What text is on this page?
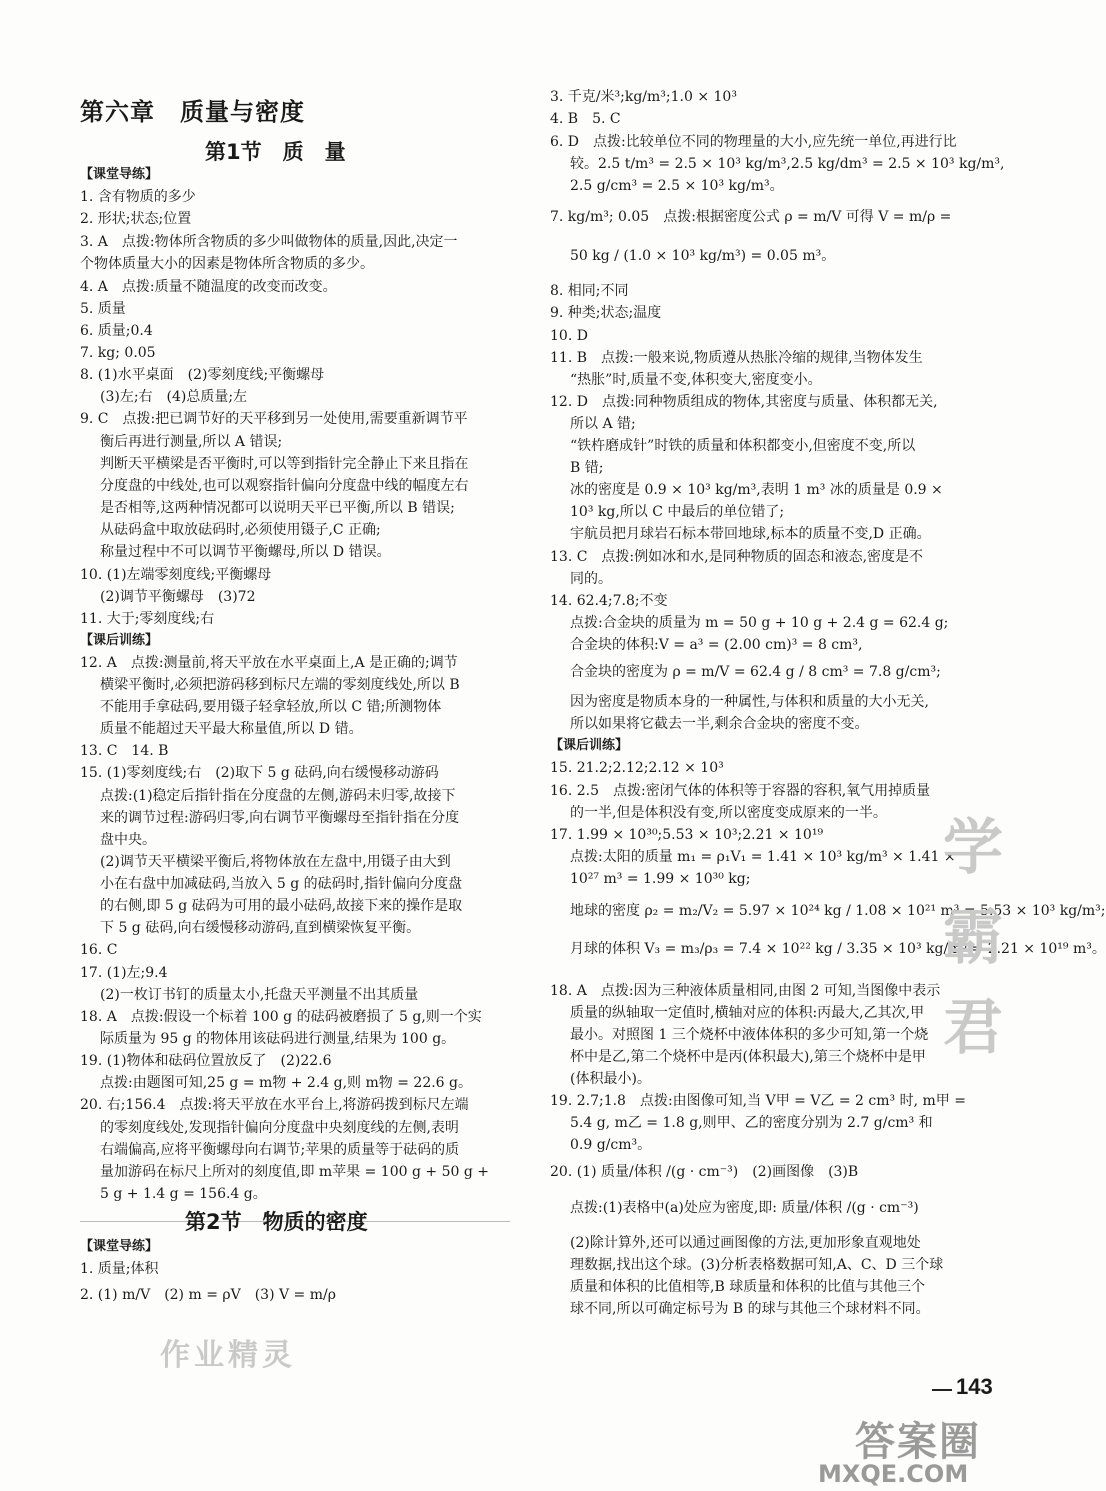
第六章　质量与密度
第1节　质　量
第2节　物质的密度
【课堂导练】
1. 含有物质的多少
2. 形状;状态;位置
3. A　点拨:物体所含物质的多少叫做物体的质量,因此,决定一
个物体质量大小的因素是物体所含物质的多少。
4. A　点拨:质量不随温度的改变而改变。
5. 质量
6. 质量;0.4
7. kg; 0.05
8. (1)水平桌面　(2)零刻度线;平衡螺母
(3)左;右　(4)总质量;左
9. C　点拨:把已调节好的天平移到另一处使用,需要重新调节平
衡后再进行测量,所以 A 错误;
判断天平横梁是否平衡时,可以等到指针完全静止下来且指在
分度盘的中线处,也可以观察指针偏向分度盘中线的幅度左右
是否相等,这两种情况都可以说明天平已平衡,所以 B 错误;
从砝码盒中取放砝码时,必须使用镊子,C 正确;
称量过程中不可以调节平衡螺母,所以 D 错误。
10. (1)左端零刻度线;平衡螺母
(2)调节平衡螺母　(3)72
11. 大于;零刻度线;右
【课后训练】
12. A　点拨:测量前,将天平放在水平桌面上,A 是正确的;调节
横梁平衡时,必须把游码移到标尺左端的零刻度线处,所以 B
不能用手拿砝码,要用镊子轻拿轻放,所以 C 错;所测物体
质量不能超过天平最大称量值,所以 D 错。
13. C　14. B
15. (1)零刻度线;右　(2)取下 5 g 砝码,向右缓慢移动游码
点拨:(1)稳定后指针指在分度盘的左侧,游码未归零,故接下
来的调节过程:游码归零,向右调节平衡螺母至指针指在分度
盘中央。
(2)调节天平横梁平衡后,将物体放在左盘中,用镊子由大到
小在右盘中加减砝码,当放入 5 g 的砝码时,指针偏向分度盘
的右侧,即 5 g 砝码为可用的最小砝码,故接下来的操作是取
下 5 g 砝码,向右缓慢移动游码,直到横梁恢复平衡。
16. C
17. (1)左;9.4
(2)一枚订书钉的质量太小,托盘天平测量不出其质量
18. A　点拨:假设一个标着 100 g 的砝码被磨损了 5 g,则一个实
际质量为 95 g 的物体用该砝码进行测量,结果为 100 g。
19. (1)物体和砝码位置放反了　(2)22.6
点拨:由题图可知,25 g = m物 + 2.4 g,则 m物 = 22.6 g。
20. 右;156.4　点拨:将天平放在水平台上,将游码拨到标尺左端
的零刻度线处,发现指针偏向分度盘中央刻度线的左侧,表明
右端偏高,应将平衡螺母向右调节;苹果的质量等于砝码的质
量加游码在标尺上所对的刻度值,即 m苹果 = 100 g + 50 g +
5 g + 1.4 g = 156.4 g。
【课堂导练】
1. 质量;体积
2. (1) m/V　(2) m = ρV　(3) V = m/ρ
3. 千克/米³;kg/m³;1.0 × 10³
4. B　5. C
6. D　点拨:比较单位不同的物理量的大小,应先统一单位,再进行比
较。2.5 t/m³ = 2.5 × 10³ kg/m³,2.5 kg/dm³ = 2.5 × 10³ kg/m³,
2.5 g/cm³ = 2.5 × 10³ kg/m³。
7. kg/m³; 0.05　点拨:根据密度公式 ρ = m/V 可得 V = m/ρ =
50 kg / (1.0 × 10³ kg/m³) = 0.05 m³。
8. 相同;不同
9. 种类;状态;温度
10. D
11. B　点拨:一般来说,物质遵从热胀冷缩的规律,当物体发生
“热胀”时,质量不变,体积变大,密度变小。
12. D　点拨:同种物质组成的物体,其密度与质量、体积都无关,
所以 A 错;
“铁杵磨成针”时铁的质量和体积都变小,但密度不变,所以
B 错;
冰的密度是 0.9 × 10³ kg/m³,表明 1 m³ 冰的质量是 0.9 ×
10³ kg,所以 C 中最后的单位错了;
宇航员把月球岩石标本带回地球,标本的质量不变,D 正确。
13. C　点拨:例如冰和水,是同种物质的固态和液态,密度是不
同的。
14. 62.4;7.8;不变
点拨:合金块的质量为 m = 50 g + 10 g + 2.4 g = 62.4 g;
合金块的体积:V = a³ = (2.00 cm)³ = 8 cm³,
合金块的密度为 ρ = m/V = 62.4 g / 8 cm³ = 7.8 g/cm³;
因为密度是物质本身的一种属性,与体积和质量的大小无关,
所以如果将它截去一半,剩余合金块的密度不变。
【课后训练】
15. 21.2;2.12;2.12 × 10³
16. 2.5　点拨:密闭气体的体积等于容器的容积,氧气用掉质量
的一半,但是体积没有变,所以密度变成原来的一半。
17. 1.99 × 10³⁰;5.53 × 10³;2.21 × 10¹⁹
点拨:太阳的质量 m₁ = ρ₁V₁ = 1.41 × 10³ kg/m³ × 1.41 ×
10²⁷ m³ = 1.99 × 10³⁰ kg;
地球的密度 ρ₂ = m₂/V₂ = 5.97 × 10²⁴ kg / 1.08 × 10²¹ m³ = 5.53 × 10³ kg/m³;
月球的体积 V₃ = m₃/ρ₃ = 7.4 × 10²² kg / 3.35 × 10³ kg/m³ = 2.21 × 10¹⁹ m³。
18. A　点拨:因为三种液体质量相同,由图 2 可知,当图像中表示
质量的纵轴取一定值时,横轴对应的体积:丙最大,乙其次,甲
最小。对照图 1 三个烧杯中液体体积的多少可知,第一个烧
杯中是乙,第二个烧杯中是丙(体积最大),第三个烧杯中是甲
(体积最小)。
19. 2.7;1.8　点拨:由图像可知,当 V甲 = V乙 = 2 cm³ 时, m甲 =
5.4 g, m乙 = 1.8 g,则甲、乙的密度分别为 2.7 g/cm³ 和
0.9 g/cm³。
20. (1) 质量/体积 /(g · cm⁻³)　(2)画图像　(3)B
点拨:(1)表格中(a)处应为密度,即: 质量/体积 /(g · cm⁻³)
(2)除计算外,还可以通过画图像的方法,更加形象直观地处
理数据,找出这个球。(3)分析表格数据可知,A、C、D 三个球
质量和体积的比值相等,B 球质量和体积的比值与其他三个
球不同,所以可确定标号为 B 的球与其他三个球材料不同。
学霸君
作业精灵
143
答案圈
MXQE.COM
